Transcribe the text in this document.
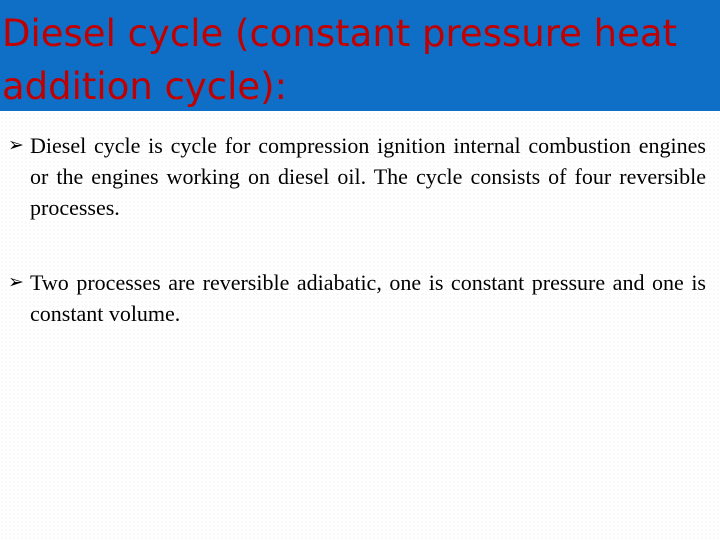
Diesel cycle (constant pressure heat addition cycle):
➢ Diesel cycle is cycle for compression ignition internal combustion engines or the engines working on diesel oil. The cycle consists of four reversible processes.
➢ Two processes are reversible adiabatic, one is constant pressure and one is constant volume.
